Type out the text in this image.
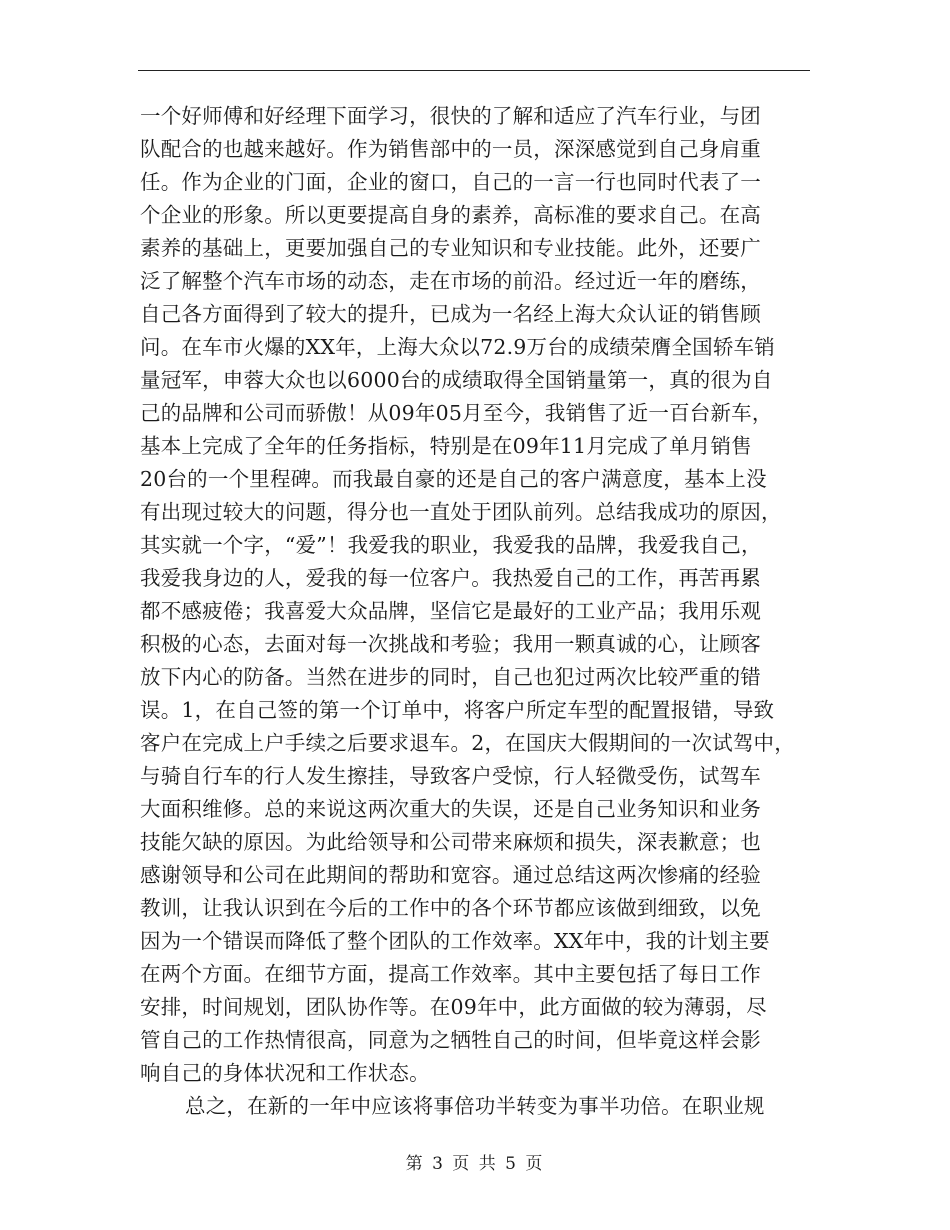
一个好师傅和好经理下面学习，很快的了解和适应了汽车行业，与团
队配合的也越来越好。作为销售部中的一员，深深感觉到自己身肩重
任。作为企业的门面，企业的窗口，自己的一言一行也同时代表了一
个企业的形象。所以更要提高自身的素养，高标准的要求自己。在高
素养的基础上，更要加强自己的专业知识和专业技能。此外，还要广
泛了解整个汽车市场的动态，走在市场的前沿。经过近一年的磨练，
自己各方面得到了较大的提升，已成为一名经上海大众认证的销售顾
问。在车市火爆的XX年，上海大众以72.9万台的成绩荣膺全国轿车销
量冠军，申蓉大众也以6000台的成绩取得全国销量第一，真的很为自
己的品牌和公司而骄傲！从09年05月至今，我销售了近一百台新车，
基本上完成了全年的任务指标，特别是在09年11月完成了单月销售
20台的一个里程碑。而我最自豪的还是自己的客户满意度，基本上没
有出现过较大的问题，得分也一直处于团队前列。总结我成功的原因，
其实就一个字，“爱”！我爱我的职业，我爱我的品牌，我爱我自己，
我爱我身边的人，爱我的每一位客户。我热爱自己的工作，再苦再累
都不感疲倦；我喜爱大众品牌，坚信它是最好的工业产品；我用乐观
积极的心态，去面对每一次挑战和考验；我用一颗真诚的心，让顾客
放下内心的防备。当然在进步的同时，自己也犯过两次比较严重的错
误。1，在自己签的第一个订单中，将客户所定车型的配置报错，导致
客户在完成上户手续之后要求退车。2，在国庆大假期间的一次试驾中，
与骑自行车的行人发生擦挂，导致客户受惊，行人轻微受伤，试驾车
大面积维修。总的来说这两次重大的失误，还是自己业务知识和业务
技能欠缺的原因。为此给领导和公司带来麻烦和损失，深表歉意；也
感谢领导和公司在此期间的帮助和宽容。通过总结这两次惨痛的经验
教训，让我认识到在今后的工作中的各个环节都应该做到细致，以免
因为一个错误而降低了整个团队的工作效率。XX年中，我的计划主要
在两个方面。在细节方面，提高工作效率。其中主要包括了每日工作
安排，时间规划，团队协作等。在09年中，此方面做的较为薄弱，尽
管自己的工作热情很高，同意为之牺牲自己的时间，但毕竟这样会影
响自己的身体状况和工作状态。
总之，在新的一年中应该将事倍功半转变为事半功倍。在职业规
第 3 页 共 5 页
